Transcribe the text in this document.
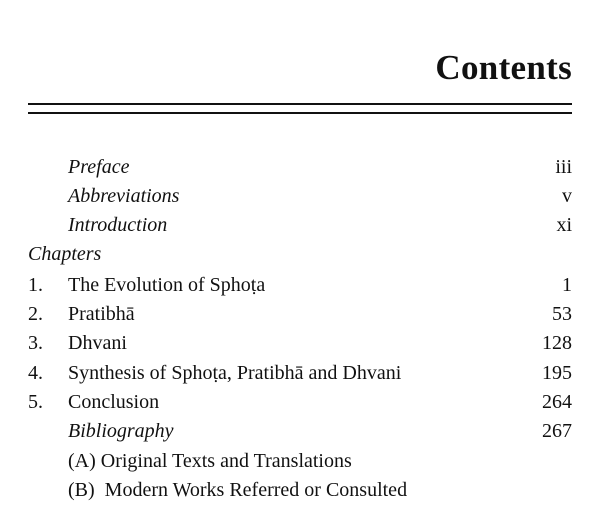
Contents
Preface	iii
Abbreviations	v
Introduction	xi
Chapters
1. The Evolution of Sphoṭa	1
2. Pratibhā	53
3. Dhvani	128
4. Synthesis of Sphoṭa, Pratibhā and Dhvani	195
5. Conclusion	264
Bibliography	267
(A) Original Texts and Translations
(B)  Modern Works Referred or Consulted
